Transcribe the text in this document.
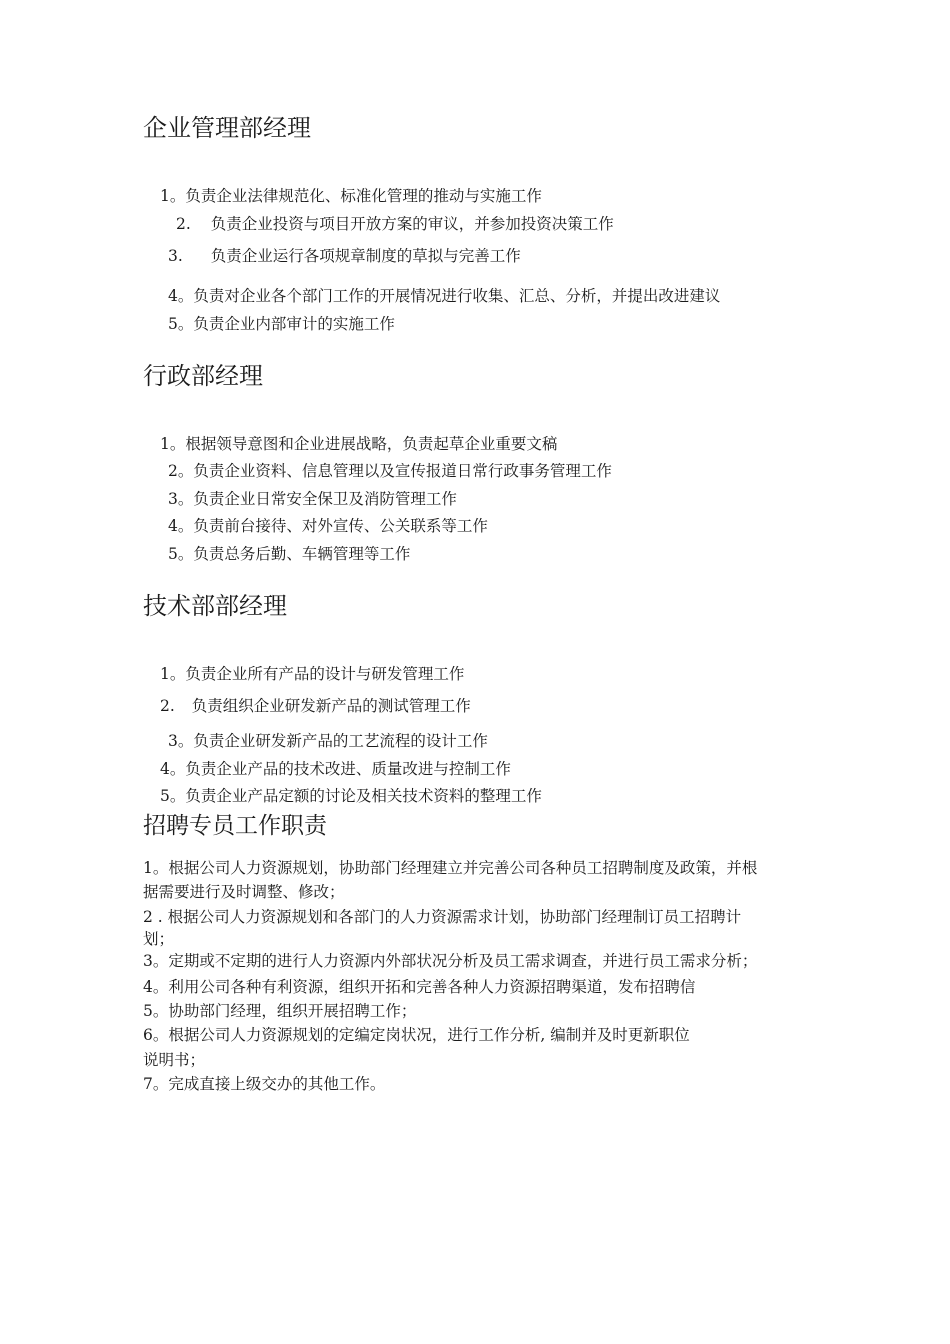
企业管理部经理
1。负责企业法律规范化、标准化管理的推动与实施工作
2. 负责企业投资与项目开放方案的审议，并参加投资决策工作
3. 负责企业运行各项规章制度的草拟与完善工作
4。负责对企业各个部门工作的开展情况进行收集、汇总、分析，并提出改进建议
5。负责企业内部审计的实施工作
行政部经理
1。根据领导意图和企业进展战略，负责起草企业重要文稿
2。负责企业资料、信息管理以及宣传报道日常行政事务管理工作
3。负责企业日常安全保卫及消防管理工作
4。负责前台接待、对外宣传、公关联系等工作
5。负责总务后勤、车辆管理等工作
技术部部经理
1。负责企业所有产品的设计与研发管理工作
2. 负责组织企业研发新产品的测试管理工作
3。负责企业研发新产品的工艺流程的设计工作
4。负责企业产品的技术改进、质量改进与控制工作
5。负责企业产品定额的讨论及相关技术资料的整理工作
招聘专员工作职责
1。根据公司人力资源规划，协助部门经理建立并完善公司各种员工招聘制度及政策，并根
据需要进行及时调整、修改；
2 . 根据公司人力资源规划和各部门的人力资源需求计划，协助部门经理制订员工招聘计
划；
3。定期或不定期的进行人力资源内外部状况分析及员工需求调查，并进行员工需求分析；
4。利用公司各种有利资源，组织开拓和完善各种人力资源招聘渠道，发布招聘信
5。协助部门经理，组织开展招聘工作；
6。根据公司人力资源规划的定编定岗状况，进行工作分析, 编制并及时更新职位
说明书；
7。完成直接上级交办的其他工作。
